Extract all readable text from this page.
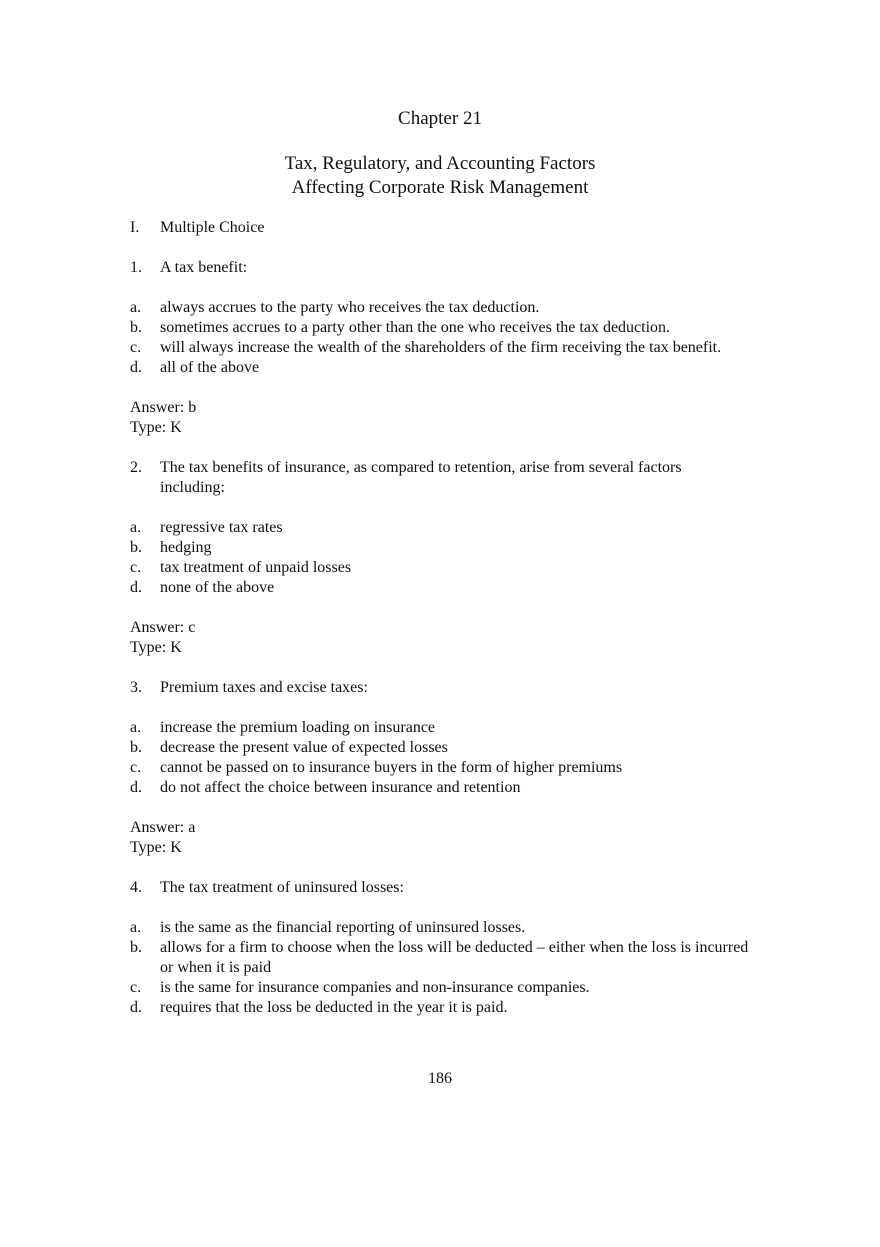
Chapter 21
Tax, Regulatory, and Accounting Factors
Affecting Corporate Risk Management
I.	Multiple Choice
1.	A tax benefit:
a.	always accrues to the party who receives the tax deduction.
b.	sometimes accrues to a party other than the one who receives the tax deduction.
c.	will always increase the wealth of the shareholders of the firm receiving the tax benefit.
d.	all of the above
Answer: b
Type: K
2.	The tax benefits of insurance, as compared to retention, arise from several factors including:
a.	regressive tax rates
b.	hedging
c.	tax treatment of unpaid losses
d.	none of the above
Answer: c
Type: K
3.	Premium taxes and excise taxes:
a.	increase the premium loading on insurance
b.	decrease the present value of expected losses
c.	cannot be passed on to insurance buyers in the form of higher premiums
d.	do not affect the choice between insurance and retention
Answer: a
Type: K
4.	The tax treatment of uninsured losses:
a.	is the same as the financial reporting of uninsured losses.
b.	allows for a firm to choose when the loss will be deducted – either when the loss is incurred or when it is paid
c.	is the same for insurance companies and non-insurance companies.
d.	requires that the loss be deducted in the year it is paid.
186
